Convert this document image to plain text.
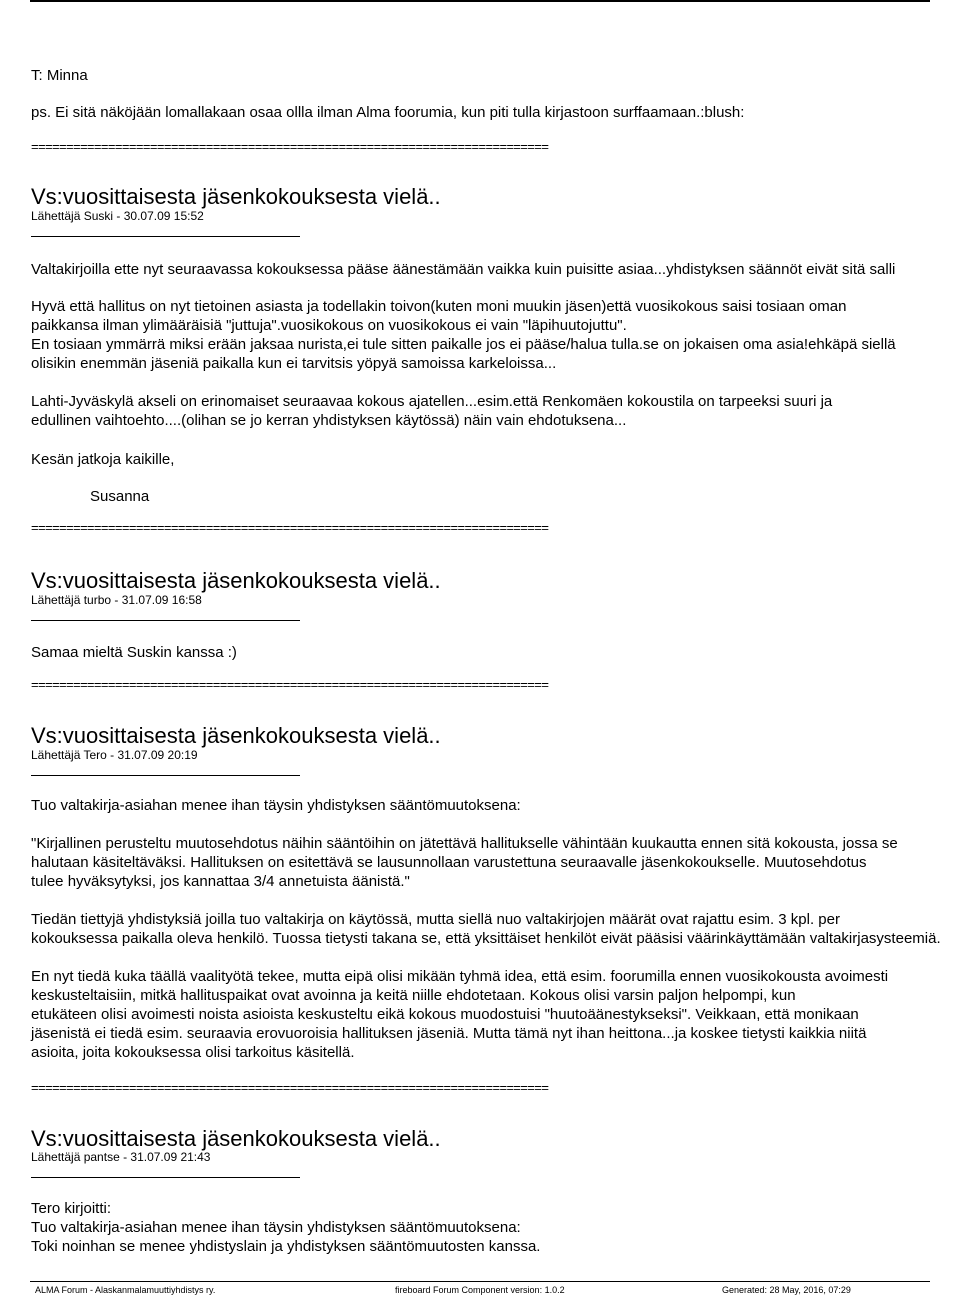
T: Minna
ps. Ei sitä näköjään lomallakaan osaa ollla ilman Alma foorumia, kun piti tulla kirjastoon surffaamaan.:blush:
==========================================================================
Vs:vuosittaisesta jäsenkokouksesta vielä..
Lähettäjä Suski - 30.07.09 15:52
Valtakirjoilla ette nyt seuraavassa kokouksessa pääse äänestämään vaikka kuin puisitte asiaa...yhdistyksen säännöt eivät sitä salli
Hyvä että hallitus on nyt tietoinen asiasta ja todellakin toivon(kuten moni muukin jäsen)että vuosikokous saisi tosiaan oman
paikkansa ilman ylimääräisiä "juttuja".vuosikokous on vuosikokous ei vain "läpihuutojuttu".
En tosiaan ymmärrä miksi erään jaksaa nurista,ei tule sitten paikalle jos ei pääse/halua tulla.se on jokaisen oma asia!ehkäpä siellä
olisikin enemmän jäseniä paikalla kun ei tarvitsis yöpyä samoissa karkeloissa...
Lahti-Jyväskylä akseli on erinomaiset seuraavaa kokous ajatellen...esim.että Renkomäen kokoustila on tarpeeksi suuri ja
edullinen vaihtoehto....(olihan se jo kerran yhdistyksen käytössä) näin vain ehdotuksena...
Kesän jatkoja kaikille,
Susanna
==========================================================================
Vs:vuosittaisesta jäsenkokouksesta vielä..
Lähettäjä turbo - 31.07.09 16:58
Samaa mieltä Suskin kanssa :)
==========================================================================
Vs:vuosittaisesta jäsenkokouksesta vielä..
Lähettäjä Tero - 31.07.09 20:19
Tuo valtakirja-asiahan menee ihan täysin yhdistyksen sääntömuutoksena:
"Kirjallinen perusteltu muutosehdotus näihin sääntöihin on jätettävä hallitukselle vähintään kuukautta ennen sitä kokousta, jossa se
halutaan käsiteltäväksi. Hallituksen on esitettävä se lausunnollaan varustettuna seuraavalle jäsenkokoukselle. Muutosehdotus
tulee hyväksytyksi, jos kannattaa 3/4 annetuista äänistä."
Tiedän tiettyjä yhdistyksiä joilla tuo valtakirja on käytössä, mutta siellä nuo valtakirjojen määrät ovat rajattu esim. 3 kpl. per
kokouksessa paikalla oleva henkilö. Tuossa tietysti takana se, että yksittäiset henkilöt eivät pääsisi väärinkäyttämään valtakirjasysteemiä.
En nyt tiedä kuka täällä vaalityötä tekee, mutta eipä olisi mikään tyhmä idea, että esim. foorumilla ennen vuosikokousta avoimesti
keskusteltaisiin, mitkä hallituspaikat ovat avoinna ja keitä niille ehdotetaan. Kokous olisi varsin paljon helpompi, kun
etukäteen olisi avoimesti noista asioista keskusteltu eikä kokous muodostuisi "huutoäänestykseksi". Veikkaan, että monikaan
jäsenistä ei tiedä esim. seuraavia erovuoroisia hallituksen jäseniä. Mutta tämä nyt ihan heittona...ja koskee tietysti kaikkia niitä
asioita, joita kokouksessa olisi tarkoitus käsitellä.
==========================================================================
Vs:vuosittaisesta jäsenkokouksesta vielä..
Lähettäjä pantse - 31.07.09 21:43
Tero kirjoitti:
Tuo valtakirja-asiahan menee ihan täysin yhdistyksen sääntömuutoksena:
Toki noinhan se menee yhdistyslain ja yhdistyksen sääntömuutosten kanssa.
ALMA Forum - Alaskanmalamuuttiyhdistys ry.	fireboard Forum Component version: 1.0.2	Generated: 28 May, 2016, 07:29
